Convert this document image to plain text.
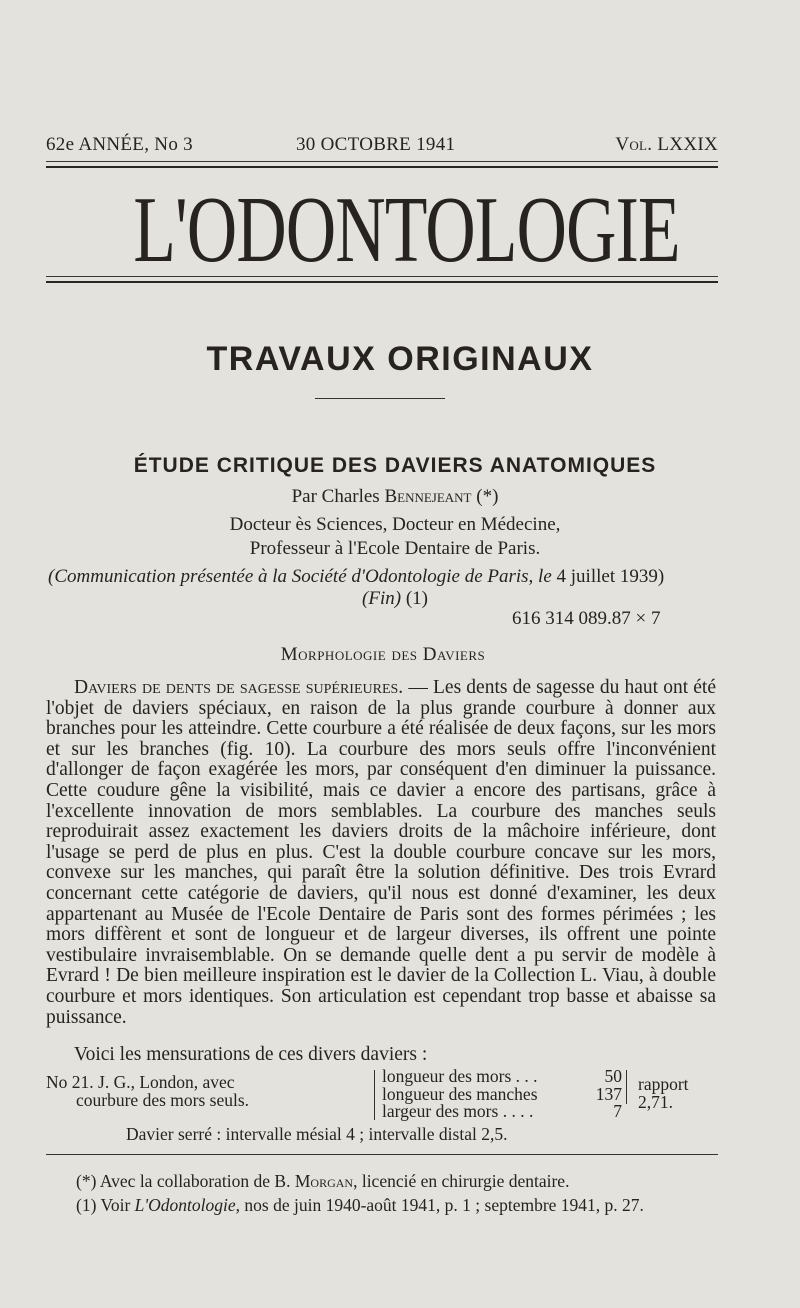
62e ANNÉE, No 3	30 OCTOBRE 1941	Vol. LXXIX
L'ODONTOLOGIE
TRAVAUX ORIGINAUX
ÉTUDE CRITIQUE DES DAVIERS ANATOMIQUES
Par Charles Bennejeant (*)
Docteur ès Sciences, Docteur en Médecine,
Professeur à l'Ecole Dentaire de Paris.
(Communication présentée à la Société d'Odontologie de Paris, le 4 juillet 1939)
(Fin) (1)
616 314 089.87 × 7
Morphologie des Daviers

Daviers de dents de sagesse supérieures. — Les dents de sagesse du haut ont été l'objet de daviers spéciaux, en raison de la plus grande courbure à donner aux branches pour les atteindre. Cette courbure a été réalisée de deux façons, sur les mors et sur les branches (fig. 10). La courbure des mors seuls offre l'inconvénient d'allonger de façon exagérée les mors, par conséquent d'en diminuer la puissance. Cette coudure gêne la visibilité, mais ce davier a encore des partisans, grâce à l'excellente innovation de mors semblables. La courbure des manches seuls reproduirait assez exactement les daviers droits de la mâchoire inférieure, dont l'usage se perd de plus en plus. C'est la double courbure concave sur les mors, convexe sur les manches, qui paraît être la solution définitive. Des trois Evrard concernant cette catégorie de daviers, qu'il nous est donné d'examiner, les deux appartenant au Musée de l'Ecole Dentaire de Paris sont des formes périmées ; les mors diffèrent et sont de longueur et de largeur diverses, ils offrent une pointe vestibulaire invraisemblable. On se demande quelle dent a pu servir de modèle à Evrard ! De bien meilleure inspiration est le davier de la Collection L. Viau, à double courbure et mors identiques. Son articulation est cependant trop basse et abaisse sa puissance.

Voici les mensurations de ces divers daviers :
No 21. J. G., London, avec
courbure des mors seuls.
longueur des mors . . .	50
longueur des manches	137
largeur des mors . . . .	7
rapport 2,71.
Davier serré : intervalle mésial 4 ; intervalle distal 2,5.

(*) Avec la collaboration de B. Morgan, licencié en chirurgie dentaire.

(1) Voir L'Odontologie, nos de juin 1940-août 1941, p. 1 ; septembre 1941, p. 27.
